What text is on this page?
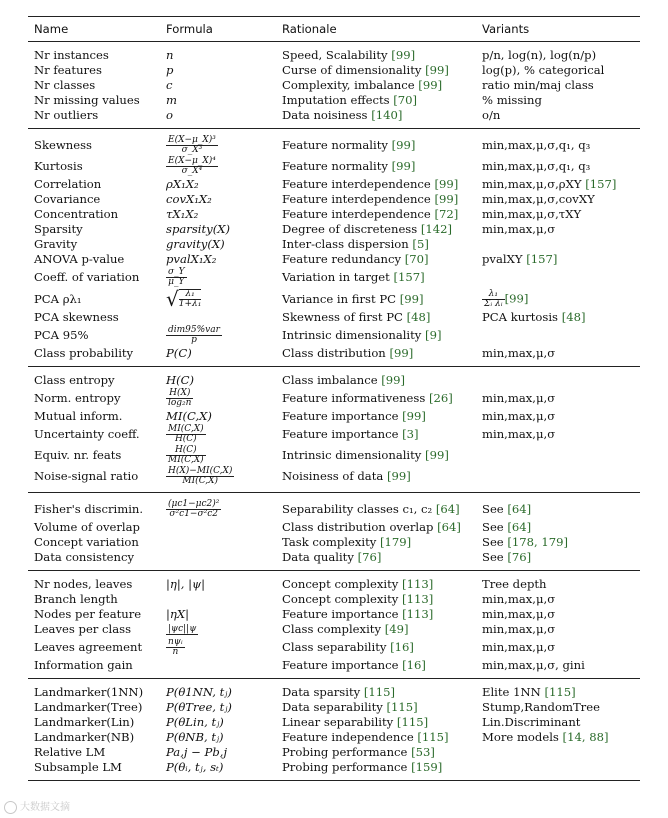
Name	Formula	Rationale	Variants
Nr instances	n	Speed, Scalability [99]	p/n, log(n), log(n/p)
Nr features	p	Curse of dimensionality [99]	log(p), % categorical
Nr classes	c	Complexity, imbalance [99]	ratio min/maj class
Nr missing values	m	Imputation effects [70]	% missing
Nr outliers	o	Data noisiness [140]	o/n
Skewness	$\frac{\text{E(X−μ\_X)³}}{\text{σ\_X³}}$	Feature normality [99]	min,max,μ,σ,q₁, q₃
Kurtosis	$\frac{\text{E(X−μ\_X)⁴}}{\text{σ\_X⁴}}$	Feature normality [99]	min,max,μ,σ,q₁, q₃
Correlation	ρX₁X₂	Feature interdependence [99]	min,max,μ,σ,ρXY [157]
Covariance	covX₁X₂	Feature interdependence [99]	min,max,μ,σ,covXY
Concentration	τX₁X₂	Feature interdependence [72]	min,max,μ,σ,τXY
Sparsity	sparsity(X)	Degree of discreteness [142]	min,max,μ,σ
Gravity	gravity(X)	Inter-class dispersion [5]	
ANOVA p-value	pvalX₁X₂	Feature redundancy [70]	pvalXY [157]
Coeff. of variation	$\frac{\sigma\_Y}{\mu\_Y}$	Variation in target [157]	
PCA ρλ₁	√ $\frac{\text{λ₁}}{\text{1+λ₁}}$	Variance in first PC [99]	$\frac{\text{λ₁}}{\text{Σᵢ λᵢ}} [99]$
PCA skewness		Skewness of first PC [48]	PCA kurtosis [48]
PCA 95%	$\frac{\text{dim95\%var}}{p}$	Intrinsic dimensionality [9]	
Class probability	P(C)	Class distribution [99]	min,max,μ,σ
Class entropy	H(C)	Class imbalance [99]	
Norm. entropy	$\frac{H(X)}{\text{log₂n}}$	Feature informativeness [26]	min,max,μ,σ
Mutual inform.	MI(C,X)	Feature importance [99]	min,max,μ,σ
Uncertainty coeff.	$\frac{MI(C,X)}{H(C)}$	Feature importance [3]	min,max,μ,σ
Equiv. nr. feats	$\frac{H(C)}{MI(C,X)}$	Intrinsic dimensionality [99]	
Noise-signal ratio	$\frac{H(X)-MI(C,X)}{MI(C,X)}$	Noisiness of data [99]	
Fisher's discrimin.	$\frac{\text{(μc1−μc2)²}}{\text{σ²c1−σ²c2}}$	Separability classes c₁, c₂ [64]	See [64]
Volume of overlap		Class distribution overlap [64]	See [64]
Concept variation		Task complexity [179]	See [178, 179]
Data consistency		Data quality [76]	See [76]
Nr nodes, leaves	|η|, |ψ|	Concept complexity [113]	Tree depth
Branch length		Concept complexity [113]	min,max,μ,σ
Nodes per feature	|ηX|	Feature importance [113]	min,max,μ,σ
Leaves per class	|ψc||ψ	Class complexity [49]	min,max,μ,σ
Leaves agreement	$\frac{\text{nψᵢ}}{n}$	Class separability [16]	min,max,μ,σ
Information gain		Feature importance [16]	min,max,μ,σ, gini
Landmarker(1NN)	P(θ1NN, tⱼ)	Data sparsity [115]	Elite 1NN [115]
Landmarker(Tree)	P(θTree, tⱼ)	Data separability [115]	Stump,RandomTree
Landmarker(Lin)	P(θLin, tⱼ)	Linear separability [115]	Lin.Discriminant
Landmarker(NB)	P(θNB, tⱼ)	Feature independence [115]	More models [14, 88]
Relative LM	Pa,j − Pb,j	Probing performance [53]	
Subsample LM	P(θᵢ, tⱼ, sₜ)	Probing performance [159]	
大数据文摘
